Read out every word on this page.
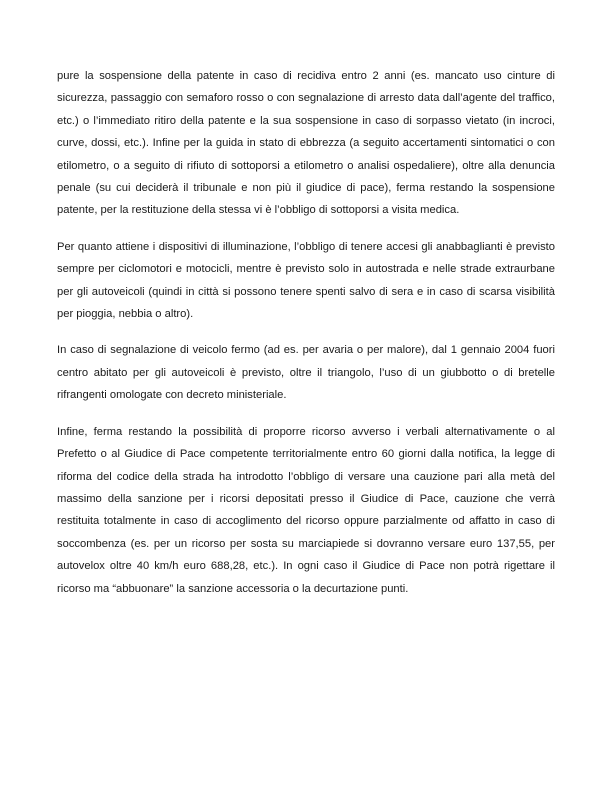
pure la sospensione della patente in caso di recidiva entro 2 anni (es. mancato uso cinture di sicurezza, passaggio con semaforo rosso o con segnalazione di arresto data dall’agente del traffico, etc.) o l’immediato ritiro della patente e la sua sospensione in caso di sorpasso vietato (in incroci, curve, dossi, etc.). Infine per la guida in stato di ebbrezza (a seguito accertamenti sintomatici o con etilometro, o a seguito di rifiuto di sottoporsi a etilometro o analisi ospedaliere), oltre alla denuncia penale (su cui deciderà il tribunale e non più il giudice di pace), ferma restando la sospensione patente, per la restituzione della stessa vi è l’obbligo di sottoporsi a visita medica.

Per quanto attiene i dispositivi di illuminazione, l’obbligo di tenere accesi gli anabbaglianti è previsto sempre per ciclomotori e motocicli, mentre è previsto solo in autostrada e nelle strade extraurbane per gli autoveicoli (quindi in città si possono tenere spenti salvo di sera e in caso di scarsa visibilità per pioggia, nebbia o altro).

In caso di segnalazione di veicolo fermo (ad es. per avaria o per malore), dal 1 gennaio 2004 fuori centro abitato per gli autoveicoli è previsto, oltre il triangolo, l’uso di un giubbotto o di bretelle rifrangenti omologate con decreto ministeriale.

Infine, ferma restando la possibilità di proporre ricorso avverso i verbali alternativamente o al Prefetto o al Giudice di Pace competente territorialmente entro 60 giorni dalla notifica, la legge di riforma del codice della strada ha introdotto l’obbligo di versare una cauzione pari alla metà del massimo della sanzione per i ricorsi depositati presso il Giudice di Pace, cauzione che verrà restituita totalmente in caso di accoglimento del ricorso oppure parzialmente od affatto in caso di soccombenza (es. per un ricorso per sosta su marciapiede si dovranno versare euro 137,55, per autovelox oltre 40 km/h euro 688,28, etc.). In ogni caso il Giudice di Pace non potrà rigettare il ricorso ma “abbuonare” la sanzione accessoria o la decurtazione punti.
